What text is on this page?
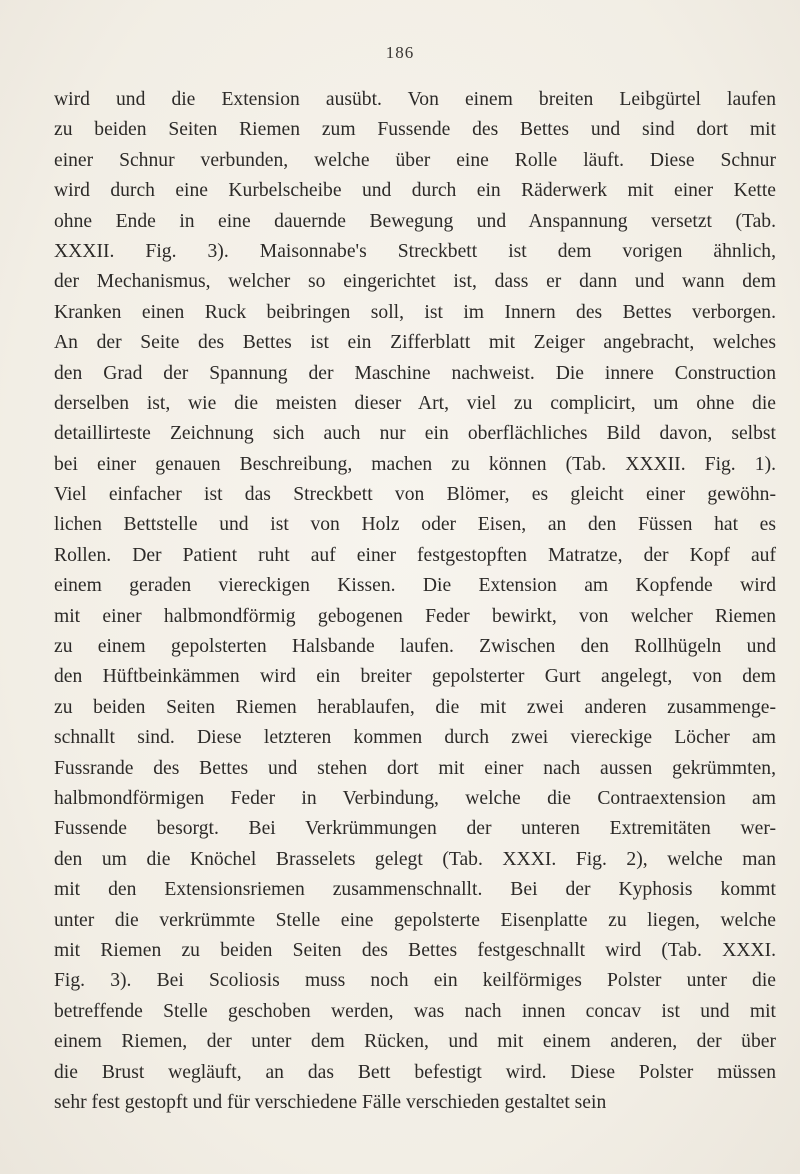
186
wird und die Extension ausübt. Von einem breiten Leibgürtel laufen
zu beiden Seiten Riemen zum Fussende des Bettes und sind dort mit
einer Schnur verbunden, welche über eine Rolle läuft. Diese Schnur
wird durch eine Kurbelscheibe und durch ein Räderwerk mit einer Kette
ohne Ende in eine dauernde Bewegung und Anspannung versetzt (Tab.
XXXII. Fig. 3). Maisonnabe's Streckbett ist dem vorigen ähnlich,
der Mechanismus, welcher so eingerichtet ist, dass er dann und wann dem
Kranken einen Ruck beibringen soll, ist im Innern des Bettes verborgen.
An der Seite des Bettes ist ein Zifferblatt mit Zeiger angebracht, welches
den Grad der Spannung der Maschine nachweist. Die innere Construction
derselben ist, wie die meisten dieser Art, viel zu complicirt, um ohne die
detaillirteste Zeichnung sich auch nur ein oberflächliches Bild davon, selbst
bei einer genauen Beschreibung, machen zu können (Tab. XXXII. Fig. 1).
Viel einfacher ist das Streckbett von Blömer, es gleicht einer gewöhn-
lichen Bettstelle und ist von Holz oder Eisen, an den Füssen hat es
Rollen. Der Patient ruht auf einer festgestopften Matratze, der Kopf auf
einem geraden viereckigen Kissen. Die Extension am Kopfende wird
mit einer halbmondförmig gebogenen Feder bewirkt, von welcher Riemen
zu einem gepolsterten Halsbande laufen. Zwischen den Rollhügeln und
den Hüftbeinkämmen wird ein breiter gepolsterter Gurt angelegt, von dem
zu beiden Seiten Riemen herablaufen, die mit zwei anderen zusammenge-
schnallt sind. Diese letzteren kommen durch zwei viereckige Löcher am
Fussrande des Bettes und stehen dort mit einer nach aussen gekrümmten,
halbmondförmigen Feder in Verbindung, welche die Contraextension am
Fussende besorgt. Bei Verkrümmungen der unteren Extremitäten wer-
den um die Knöchel Brasselets gelegt (Tab. XXXI. Fig. 2), welche man
mit den Extensionsriemen zusammenschnallt. Bei der Kyphosis kommt
unter die verkrümmte Stelle eine gepolsterte Eisenplatte zu liegen, welche
mit Riemen zu beiden Seiten des Bettes festgeschnallt wird (Tab. XXXI.
Fig. 3). Bei Scoliosis muss noch ein keilförmiges Polster unter die
betreffende Stelle geschoben werden, was nach innen concav ist und mit
einem Riemen, der unter dem Rücken, und mit einem anderen, der über
die Brust wegläuft, an das Bett befestigt wird. Diese Polster müssen
sehr fest gestopft und für verschiedene Fälle verschieden gestaltet sein
